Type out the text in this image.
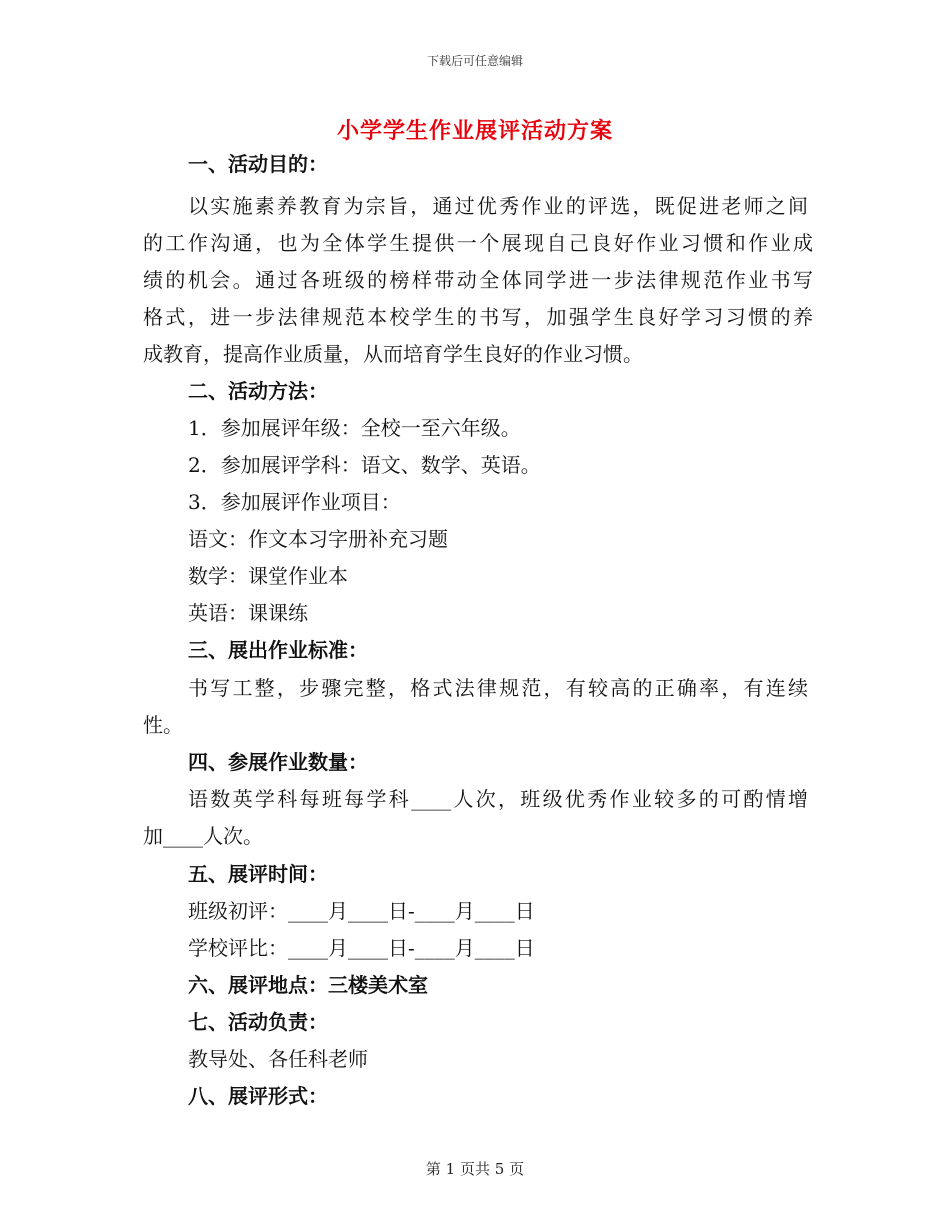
下载后可任意编辑
小学学生作业展评活动方案
一、活动目的：
以实施素养教育为宗旨，通过优秀作业的评选，既促进老师之间
的工作沟通，也为全体学生提供一个展现自己良好作业习惯和作业成
绩的机会。通过各班级的榜样带动全体同学进一步法律规范作业书写
格式，进一步法律规范本校学生的书写，加强学生良好学习习惯的养
成教育，提高作业质量，从而培育学生良好的作业习惯。
二、活动方法：
1．参加展评年级：全校一至六年级。
2．参加展评学科：语文、数学、英语。
3．参加展评作业项目：
语文：作文本习字册补充习题
数学：课堂作业本
英语：课课练
三、展出作业标准：
书写工整，步骤完整，格式法律规范，有较高的正确率，有连续
性。
四、参展作业数量：
语数英学科每班每学科____人次，班级优秀作业较多的可酌情增
加____人次。
五、展评时间：
班级初评：____月____日-____月____日
学校评比：____月____日-____月____日
六、展评地点：三楼美术室
七、活动负责：
教导处、各任科老师
八、展评形式：
第 1 页共 5 页
